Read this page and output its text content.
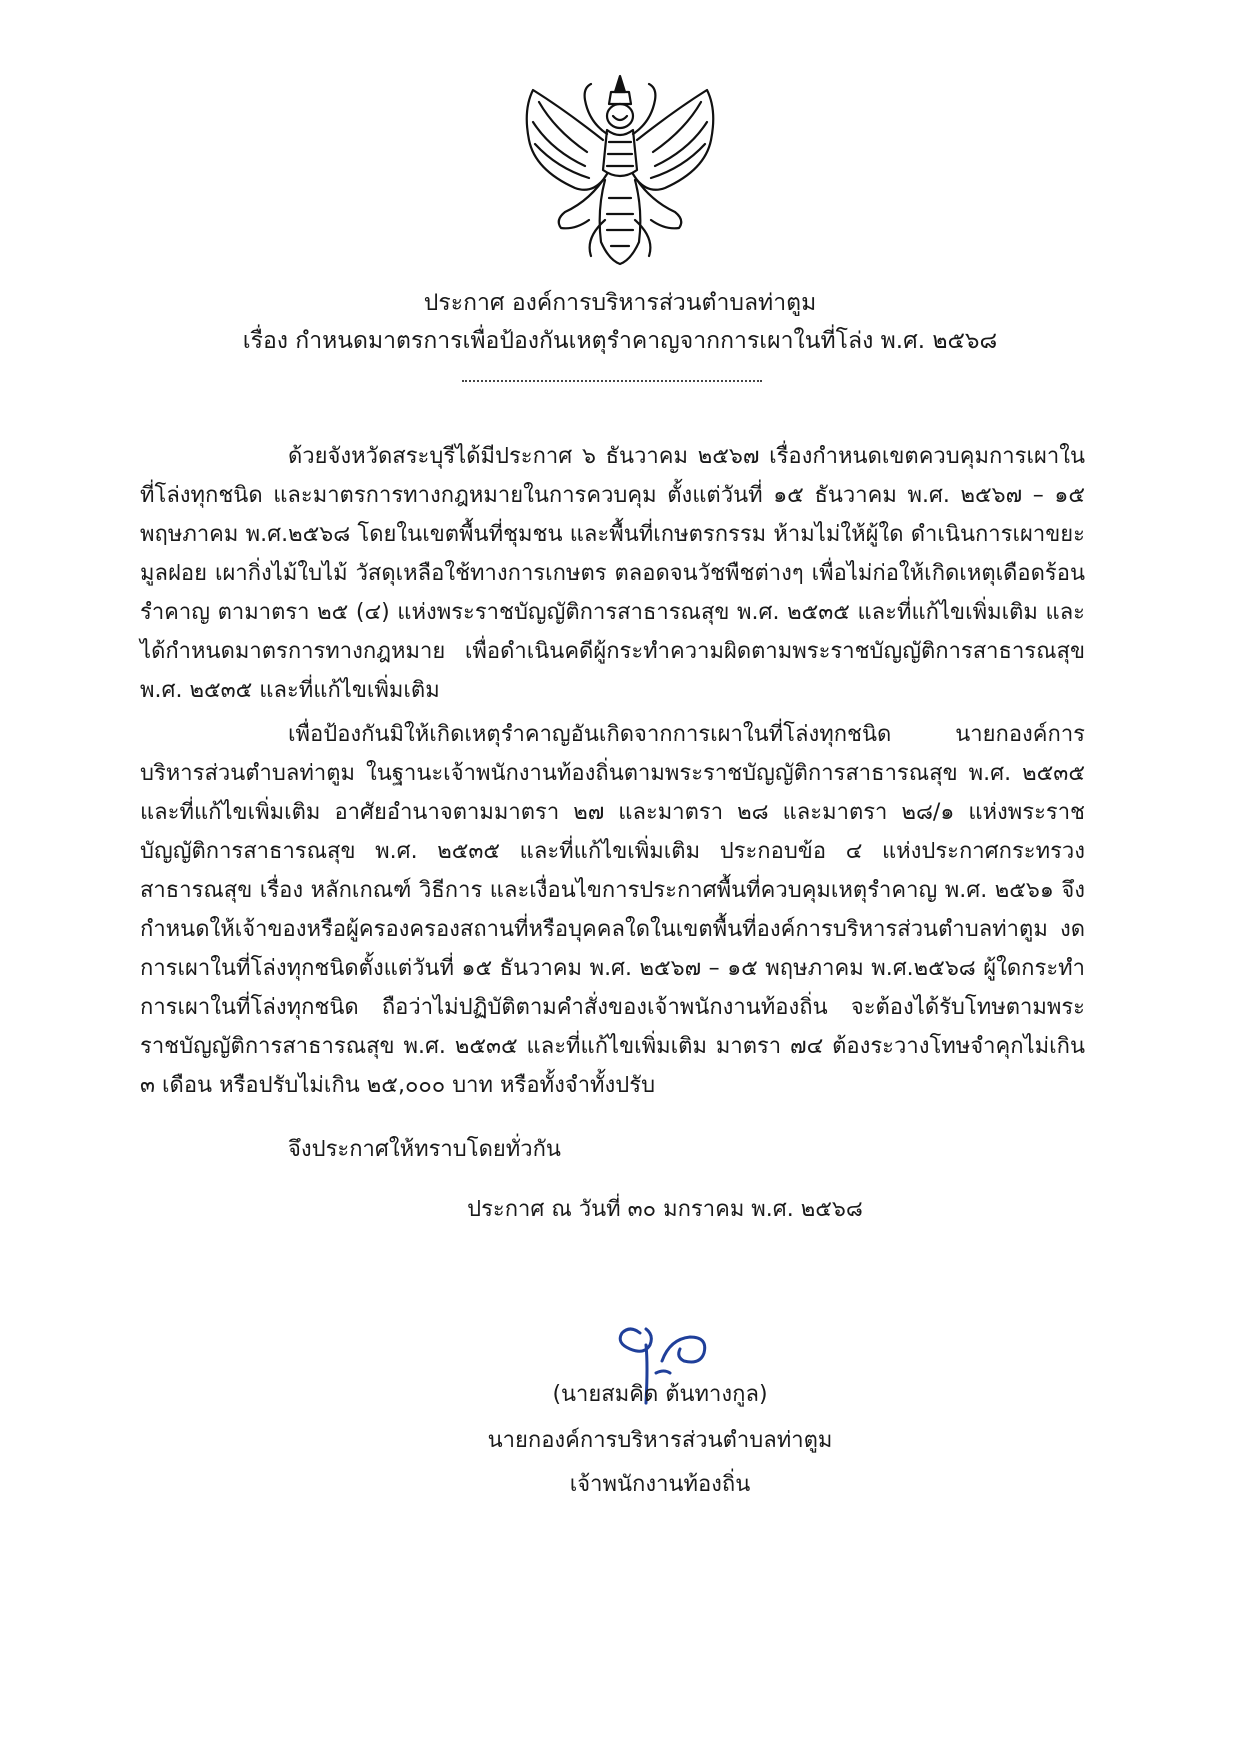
ประกาศ องค์การบริหารส่วนตำบลท่าตูม
เรื่อง กำหนดมาตรการเพื่อป้องกันเหตุรำคาญจากการเผาในที่โล่ง พ.ศ. ๒๕๖๘
ด้วยจังหวัดสระบุรีได้มีประกาศ ๖ ธันวาคม ๒๕๖๗ เรื่องกำหนดเขตควบคุมการเผาในที่โล่งทุกชนิด และมาตรการทางกฎหมายในการควบคุม ตั้งแต่วันที่ ๑๕ ธันวาคม พ.ศ. ๒๕๖๗ – ๑๕ พฤษภาคม พ.ศ.๒๕๖๘ โดยในเขตพื้นที่ชุมชน และพื้นที่เกษตรกรรม ห้ามไม่ให้ผู้ใด ดำเนินการเผาขยะมูลฝอย เผากิ่งไม้ใบไม้ วัสดุเหลือใช้ทางการเกษตร ตลอดจนวัชพืชต่างๆ เพื่อไม่ก่อให้เกิดเหตุเดือดร้อนรำคาญ ตามาตรา ๒๕ (๔) แห่งพระราชบัญญัติการสาธารณสุข พ.ศ. ๒๕๓๕ และที่แก้ไขเพิ่มเติม และได้กำหนดมาตรการทางกฎหมาย เพื่อดำเนินคดีผู้กระทำความผิดตามพระราชบัญญัติการสาธารณสุข พ.ศ. ๒๕๓๕ และที่แก้ไขเพิ่มเติม
เพื่อป้องกันมิให้เกิดเหตุรำคาญอันเกิดจากการเผาในที่โล่งทุกชนิด นายกองค์การบริหารส่วนตำบลท่าตูม ในฐานะเจ้าพนักงานท้องถิ่นตามพระราชบัญญัติการสาธารณสุข พ.ศ. ๒๕๓๕ และที่แก้ไขเพิ่มเติม อาศัยอำนาจตามมาตรา ๒๗ และมาตรา ๒๘ และมาตรา ๒๘/๑ แห่งพระราชบัญญัติการสาธารณสุข พ.ศ. ๒๕๓๕ และที่แก้ไขเพิ่มเติม ประกอบข้อ ๔ แห่งประกาศกระทรวงสาธารณสุข เรื่อง หลักเกณฑ์ วิธีการ และเงื่อนไขการประกาศพื้นที่ควบคุมเหตุรำคาญ พ.ศ. ๒๕๖๑ จึงกำหนดให้เจ้าของหรือผู้ครองครองสถานที่หรือบุคคลใดในเขตพื้นที่องค์การบริหารส่วนตำบลท่าตูม งดการเผาในที่โล่งทุกชนิดตั้งแต่วันที่ ๑๕ ธันวาคม พ.ศ. ๒๕๖๗ – ๑๕ พฤษภาคม พ.ศ.๒๕๖๘ ผู้ใดกระทำการเผาในที่โล่งทุกชนิด ถือว่าไม่ปฏิบัติตามคำสั่งของเจ้าพนักงานท้องถิ่น จะต้องได้รับโทษตามพระราชบัญญัติการสาธารณสุข พ.ศ. ๒๕๓๕ และที่แก้ไขเพิ่มเติม มาตรา ๗๔ ต้องระวางโทษจำคุกไม่เกิน ๓ เดือน หรือปรับไม่เกิน ๒๕,๐๐๐ บาท หรือทั้งจำทั้งปรับ
จึงประกาศให้ทราบโดยทั่วกัน
ประกาศ ณ วันที่ ๓๐ มกราคม พ.ศ. ๒๕๖๘
(นายสมคิด ต้นทางกูล)
นายกองค์การบริหารส่วนตำบลท่าตูม
เจ้าพนักงานท้องถิ่น
